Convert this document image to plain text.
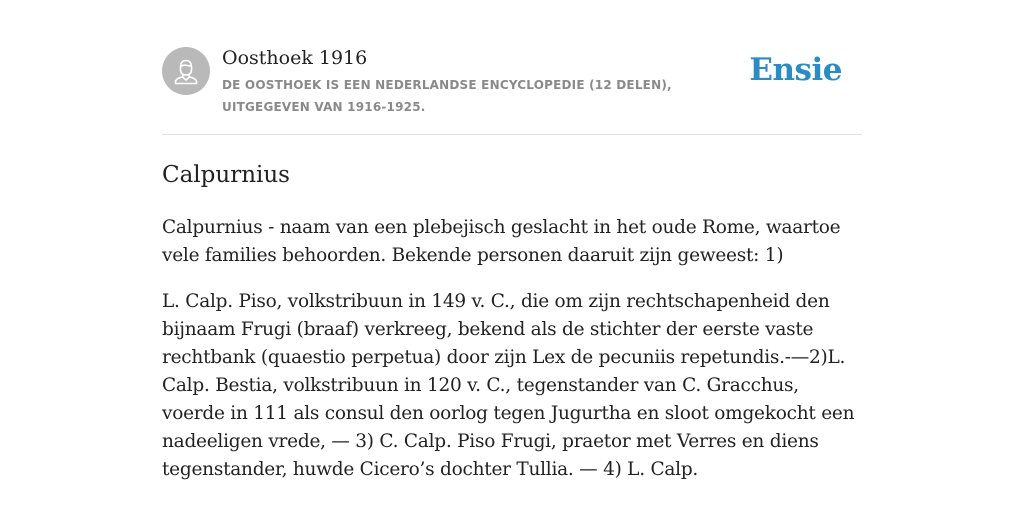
Oosthoek 1916
DE OOSTHOEK IS EEN NEDERLANDSE ENCYCLOPEDIE (12 DELEN), UITGEGEVEN VAN 1916-1925.
Ensie
Calpurnius

Calpurnius - naam van een plebejisch geslacht in het oude Rome, waartoe vele families behoorden. Bekende personen daaruit zijn geweest: 1)

L. Calp. Piso, volkstribuun in 149 v. C., die om zijn rechtschapenheid den bijnaam Frugi (braaf) verkreeg, bekend als de stichter der eerste vaste rechtbank (quaestio perpetua) door zijn Lex de pecuniis repetundis.-—2)L. Calp. Bestia, volkstribuun in 120 v. C., tegenstander van C. Gracchus, voerde in 111 als consul den oorlog tegen Jugurtha en sloot omgekocht een nadeeligen vrede, — 3) C. Calp. Piso Frugi, praetor met Verres en diens tegenstander, huwde Cicero’s dochter Tullia. — 4) L. Calp.
